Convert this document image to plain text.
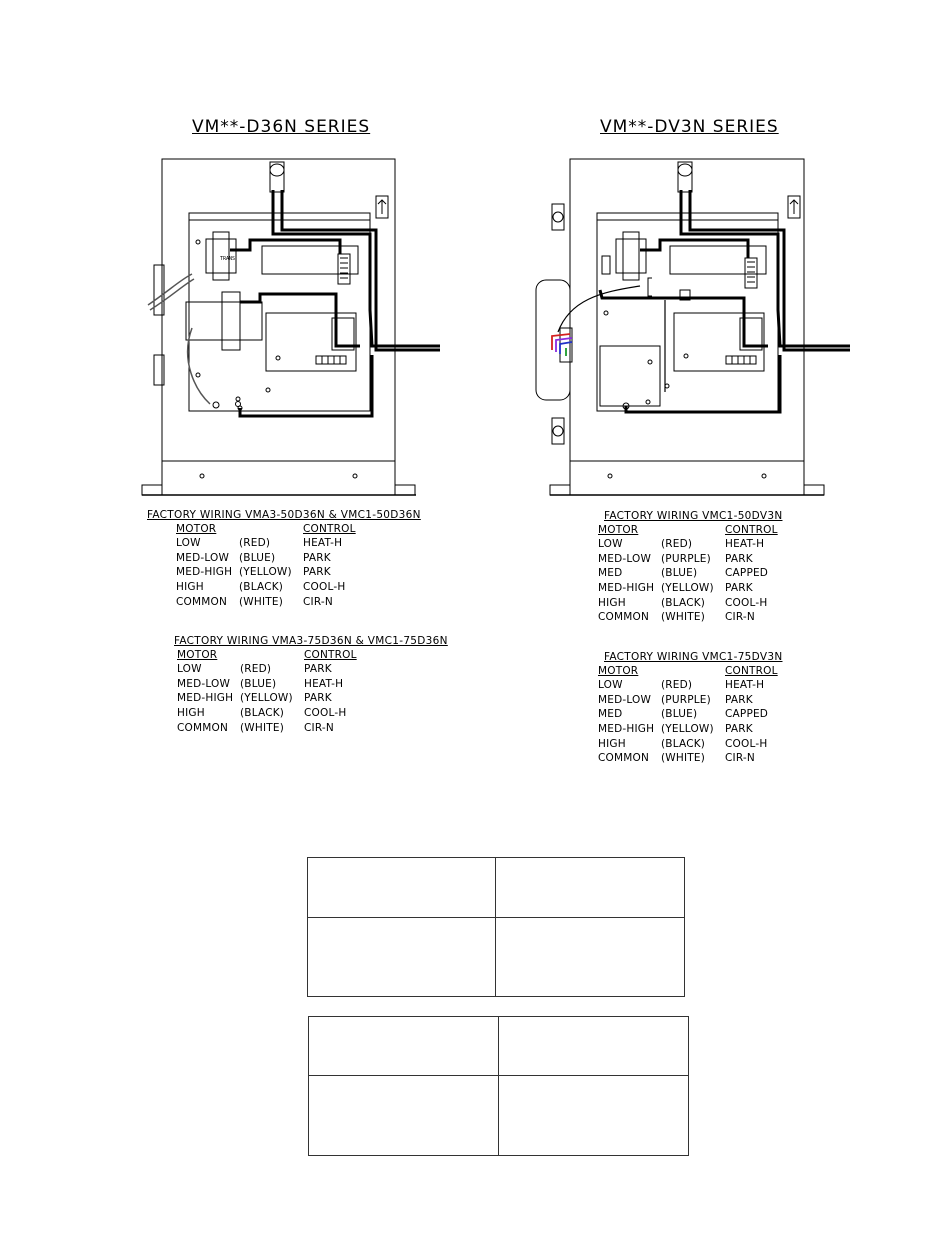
VM**-D36N SERIES
TRANS
FACTORY WIRING VMA3-50D36N & VMC1-50D36N
MOTOR		CONTROL
LOW	(RED)	HEAT-H
MED-LOW	(BLUE)	PARK
MED-HIGH	(YELLOW)	PARK
HIGH	(BLACK)	COOL-H
COMMON	(WHITE)	CIR-N
FACTORY WIRING VMA3-75D36N & VMC1-75D36N
MOTOR		CONTROL
LOW	(RED)	PARK
MED-LOW	(BLUE)	HEAT-H
MED-HIGH	(YELLOW)	PARK
HIGH	(BLACK)	COOL-H
COMMON	(WHITE)	CIR-N
VM**-DV3N SERIES
FACTORY WIRING VMC1-50DV3N
MOTOR		CONTROL
LOW	(RED)	HEAT-H
MED-LOW	(PURPLE)	PARK
MED	(BLUE)	CAPPED
MED-HIGH	(YELLOW)	PARK
HIGH	(BLACK)	COOL-H
COMMON	(WHITE)	CIR-N
FACTORY WIRING VMC1-75DV3N
MOTOR		CONTROL
LOW	(RED)	HEAT-H
MED-LOW	(PURPLE)	PARK
MED	(BLUE)	CAPPED
MED-HIGH	(YELLOW)	PARK
HIGH	(BLACK)	COOL-H
COMMON	(WHITE)	CIR-N
